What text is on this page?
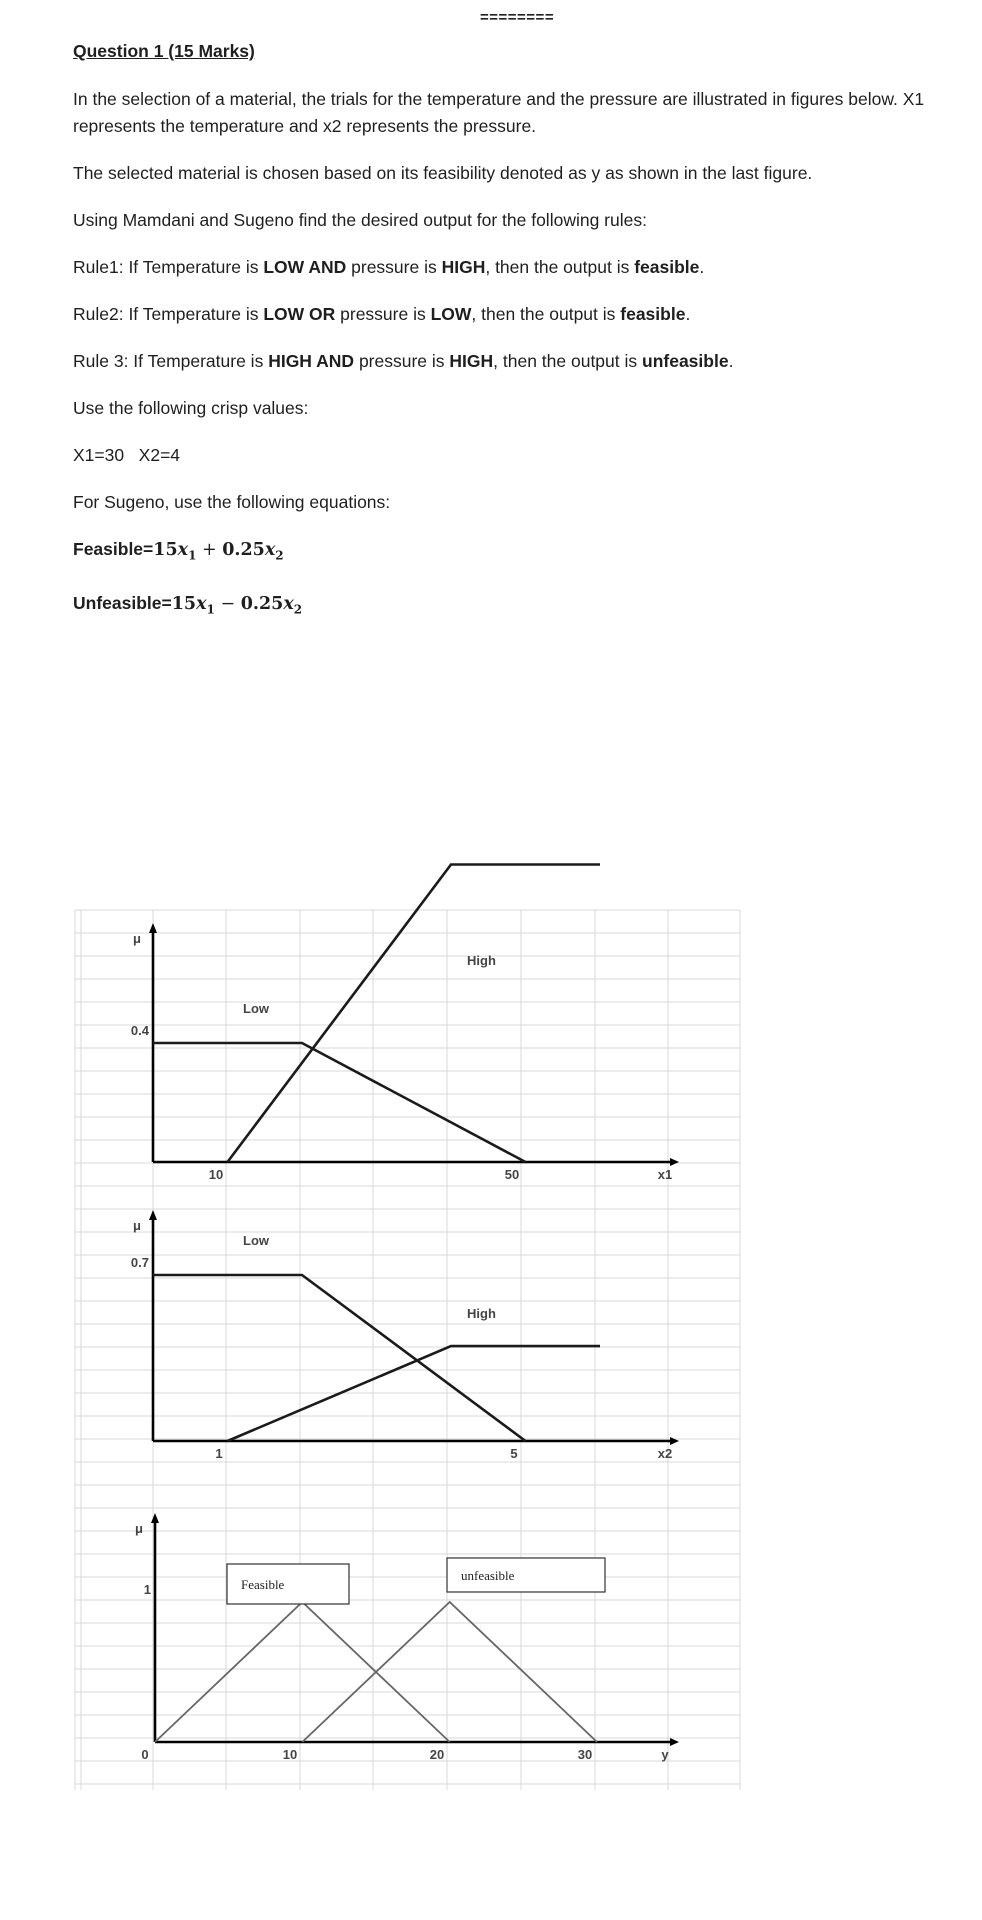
========

Question 1 (15 Marks)

In the selection of a material, the trials for the temperature and the pressure are illustrated in figures below. X1 represents the temperature and x2 represents the pressure.

The selected material is chosen based on its feasibility denoted as y as shown in the last figure.

Using Mamdani and Sugeno find the desired output for the following rules:

Rule1: If Temperature is LOW AND pressure is HIGH, then the output is feasible.

Rule2: If Temperature is LOW OR pressure is LOW, then the output is feasible.

Rule 3: If Temperature is HIGH AND pressure is HIGH, then the output is unfeasible.

Use the following crisp values:

X1=30   X2=4

For Sugeno, use the following equations:

$Feasible=15x_1 + 0.25x_2$

$Unfeasible=15x_1 - 0.25x_2$

μ
x1
0.4
10	50
Low
High
μ
x2
0.7
1	5
Low
High
μ
y
1
0	10	20	30
Feasible
unfeasible
